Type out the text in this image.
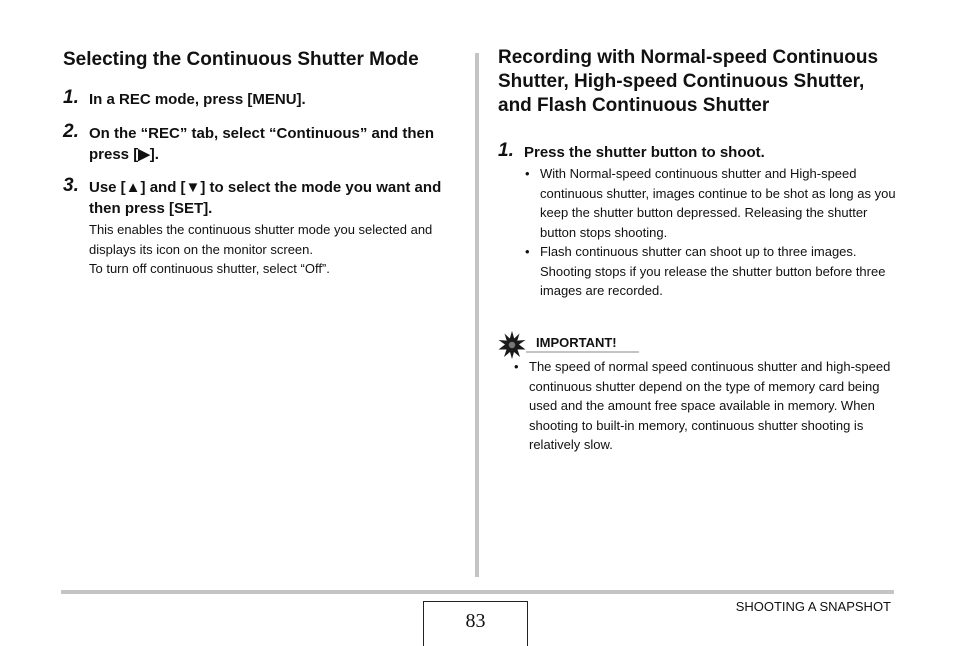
Selecting the Continuous Shutter Mode
1. In a REC mode, press [MENU].
2. On the “REC” tab, select “Continuous” and then press [▶].
3. Use [▲] and [▼] to select the mode you want and then press [SET].

This enables the continuous shutter mode you selected and displays its icon on the monitor screen.

To turn off continuous shutter, select “Off”.

Recording with Normal-speed Continuous Shutter, High-speed Continuous Shutter, and Flash Continuous Shutter
1. Press the shutter button to shoot.
• With Normal-speed continuous shutter and High-speed continuous shutter, images continue to be shot as long as you keep the shutter button depressed. Releasing the shutter button stops shooting.
• Flash continuous shutter can shoot up to three images. Shooting stops if you release the shutter button before three images are recorded.
IMPORTANT!
• The speed of normal speed continuous shutter and high-speed continuous shutter depend on the type of memory card being used and the amount free space available in memory. When shooting to built-in memory, continuous shutter shooting is relatively slow.
83
SHOOTING A SNAPSHOT
